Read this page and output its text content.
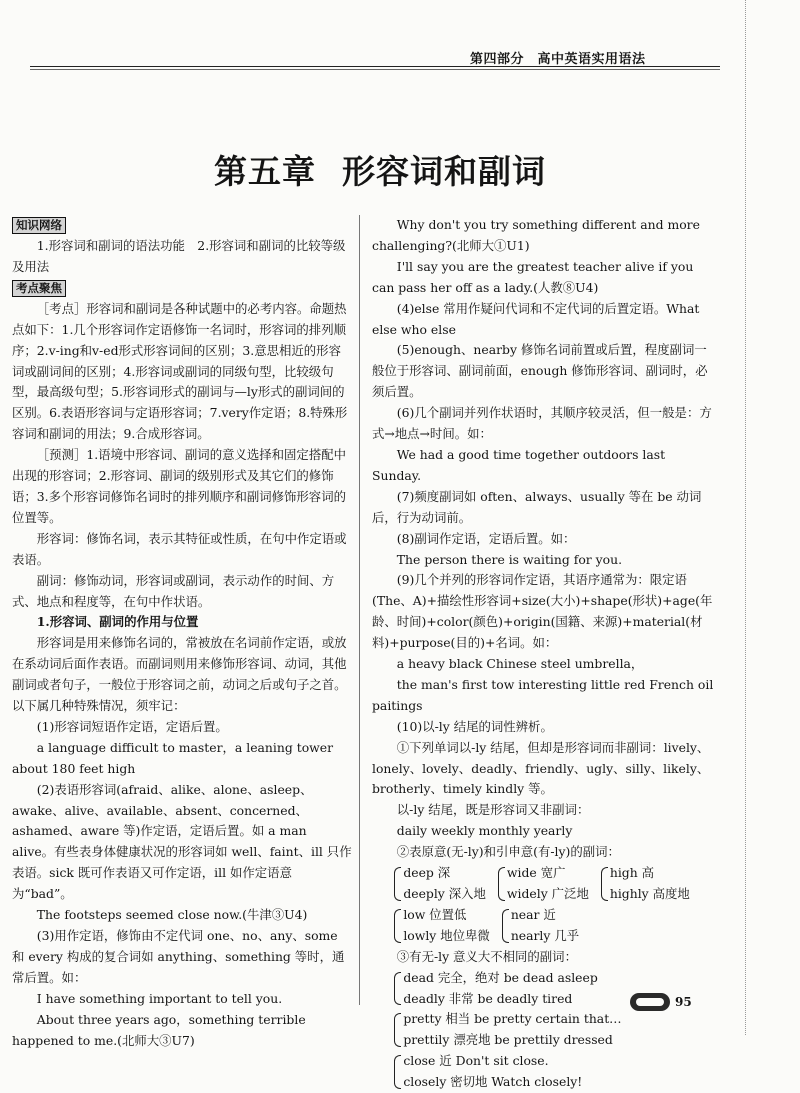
第四部分　高中英语实用语法
第五章 形容词和副词
知识网络

1.形容词和副词的语法功能　2.形容词和副词的比较等级及用法

考点聚焦

［考点］形容词和副词是各种试题中的必考内容。命题热点如下：1.几个形容词作定语修饰一名词时，形容词的排列顺序；2.v-ing和v-ed形式形容词间的区别；3.意思相近的形容词或副词间的区别；4.形容词或副词的同级句型，比较级句型，最高级句型；5.形容词形式的副词与—ly形式的副词间的区别。6.表语形容词与定语形容词；7.very作定语；8.特殊形容词和副词的用法；9.合成形容词。

［预测］1.语境中形容词、副词的意义选择和固定搭配中出现的形容词；2.形容词、副词的级别形式及其它们的修饰语；3.多个形容词修饰名词时的排列顺序和副词修饰形容词的位置等。

形容词：修饰名词，表示其特征或性质，在句中作定语或表语。

副词：修饰动词，形容词或副词，表示动作的时间、方式、地点和程度等，在句中作状语。

1.形容词、副词的作用与位置

形容词是用来修饰名词的，常被放在名词前作定语，或放在系动词后面作表语。而副词则用来修饰形容词、动词，其他副词或者句子，一般位于形容词之前，动词之后或句子之首。以下属几种特殊情况，须牢记：

(1)形容词短语作定语，定语后置。

a language difficult to master，a leaning tower about 180 feet high

(2)表语形容词(afraid、alike、alone、asleep、awake、alive、available、absent、concerned、ashamed、aware 等)作定语，定语后置。如 a man alive。有些表身体健康状况的形容词如 well、faint、ill 只作表语。sick 既可作表语又可作定语，ill 如作定语意为“bad”。

The footsteps seemed close now.(牛津③U4)

(3)用作定语，修饰由不定代词 one、no、any、some 和 every 构成的复合词如 anything、something 等时，通常后置。如：

I have something important to tell you.

About three years ago，something terrible happened to me.(北师大③U7)

Why don't you try something different and more challenging?(北师大①U1)

I'll say you are the greatest teacher alive if you can pass her off as a lady.(人教⑧U4)

(4)else 常用作疑问代词和不定代词的后置定语。What else who else

(5)enough、nearby 修饰名词前置或后置，程度副词一般位于形容词、副词前面，enough 修饰形容词、副词时，必须后置。

(6)几个副词并列作状语时，其顺序较灵活，但一般是：方式→地点→时间。如：

We had a good time together outdoors last Sunday.

(7)频度副词如 often、always、usually 等在 be 动词后，行为动词前。

(8)副词作定语，定语后置。如：

The person there is waiting for you.

(9)几个并列的形容词作定语，其语序通常为：限定语(The、A)+描绘性形容词+size(大小)+shape(形状)+age(年龄、时间)+color(颜色)+origin(国籍、来源)+material(材料)+purpose(目的)+名词。如：

a heavy black Chinese steel umbrella，

the man's first tow interesting little red French oil paitings

(10)以-ly 结尾的词性辨析。

①下列单词以-ly 结尾，但却是形容词而非副词：lively、lonely、lovely、deadly、friendly、ugly、silly、likely、brotherly、timely kindly 等。

以-ly 结尾，既是形容词又非副词：

daily weekly monthly yearly

②表原意(无-ly)和引申意(有-ly)的副词：

deep 深
deeply 深入地
wide 宽广
widely 广泛地
high 高
highly 高度地
low 位置低
lowly 地位卑微
near 近
nearly 几乎

③有无-ly 意义大不相同的副词：

dead 完全，绝对 be dead asleep
deadly 非常 be deadly tired
pretty 相当 be pretty certain that…
prettily 漂亮地 be prettily dressed
close 近 Don't sit close.
closely 密切地 Watch closely!
95
